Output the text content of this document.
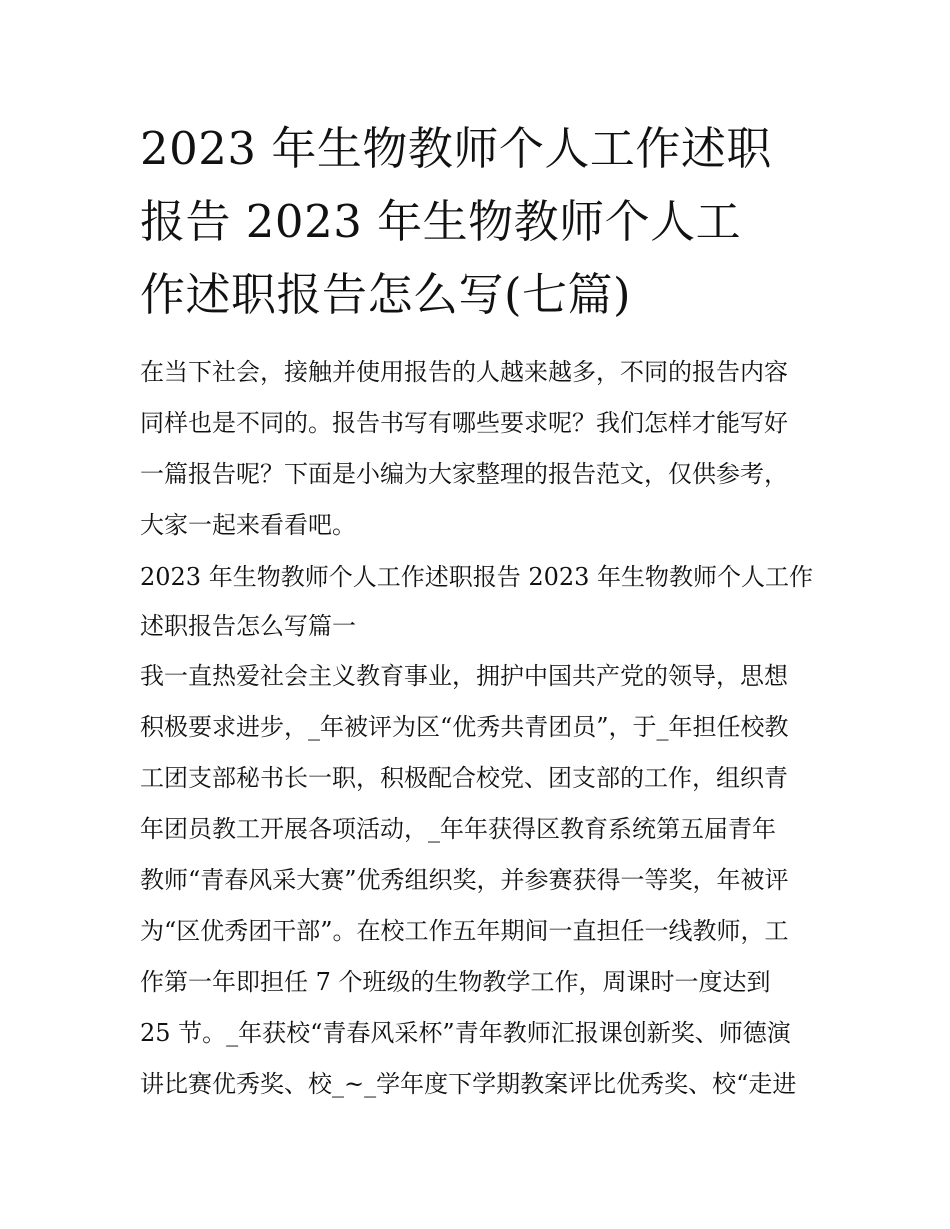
2023 年生物教师个人工作述职
报告 2023 年生物教师个人工
作述职报告怎么写(七篇)
在当下社会，接触并使用报告的人越来越多，不同的报告内容
同样也是不同的。报告书写有哪些要求呢？我们怎样才能写好
一篇报告呢？下面是小编为大家整理的报告范文，仅供参考，
大家一起来看看吧。
2023 年生物教师个人工作述职报告 2023 年生物教师个人工作
述职报告怎么写篇一
我一直热爱社会主义教育事业，拥护中国共产党的领导，思想
积极要求进步，_年被评为区“优秀共青团员”，于_年担任校教
工团支部秘书长一职，积极配合校党、团支部的工作，组织青
年团员教工开展各项活动，_年年获得区教育系统第五届青年
教师“青春风采大赛”优秀组织奖，并参赛获得一等奖，年被评
为“区优秀团干部”。在校工作五年期间一直担任一线教师，工
作第一年即担任 7 个班级的生物教学工作，周课时一度达到
25 节。_年获校“青春风采杯”青年教师汇报课创新奖、师德演
讲比赛优秀奖、校_~_学年度下学期教案评比优秀奖、校“走进
